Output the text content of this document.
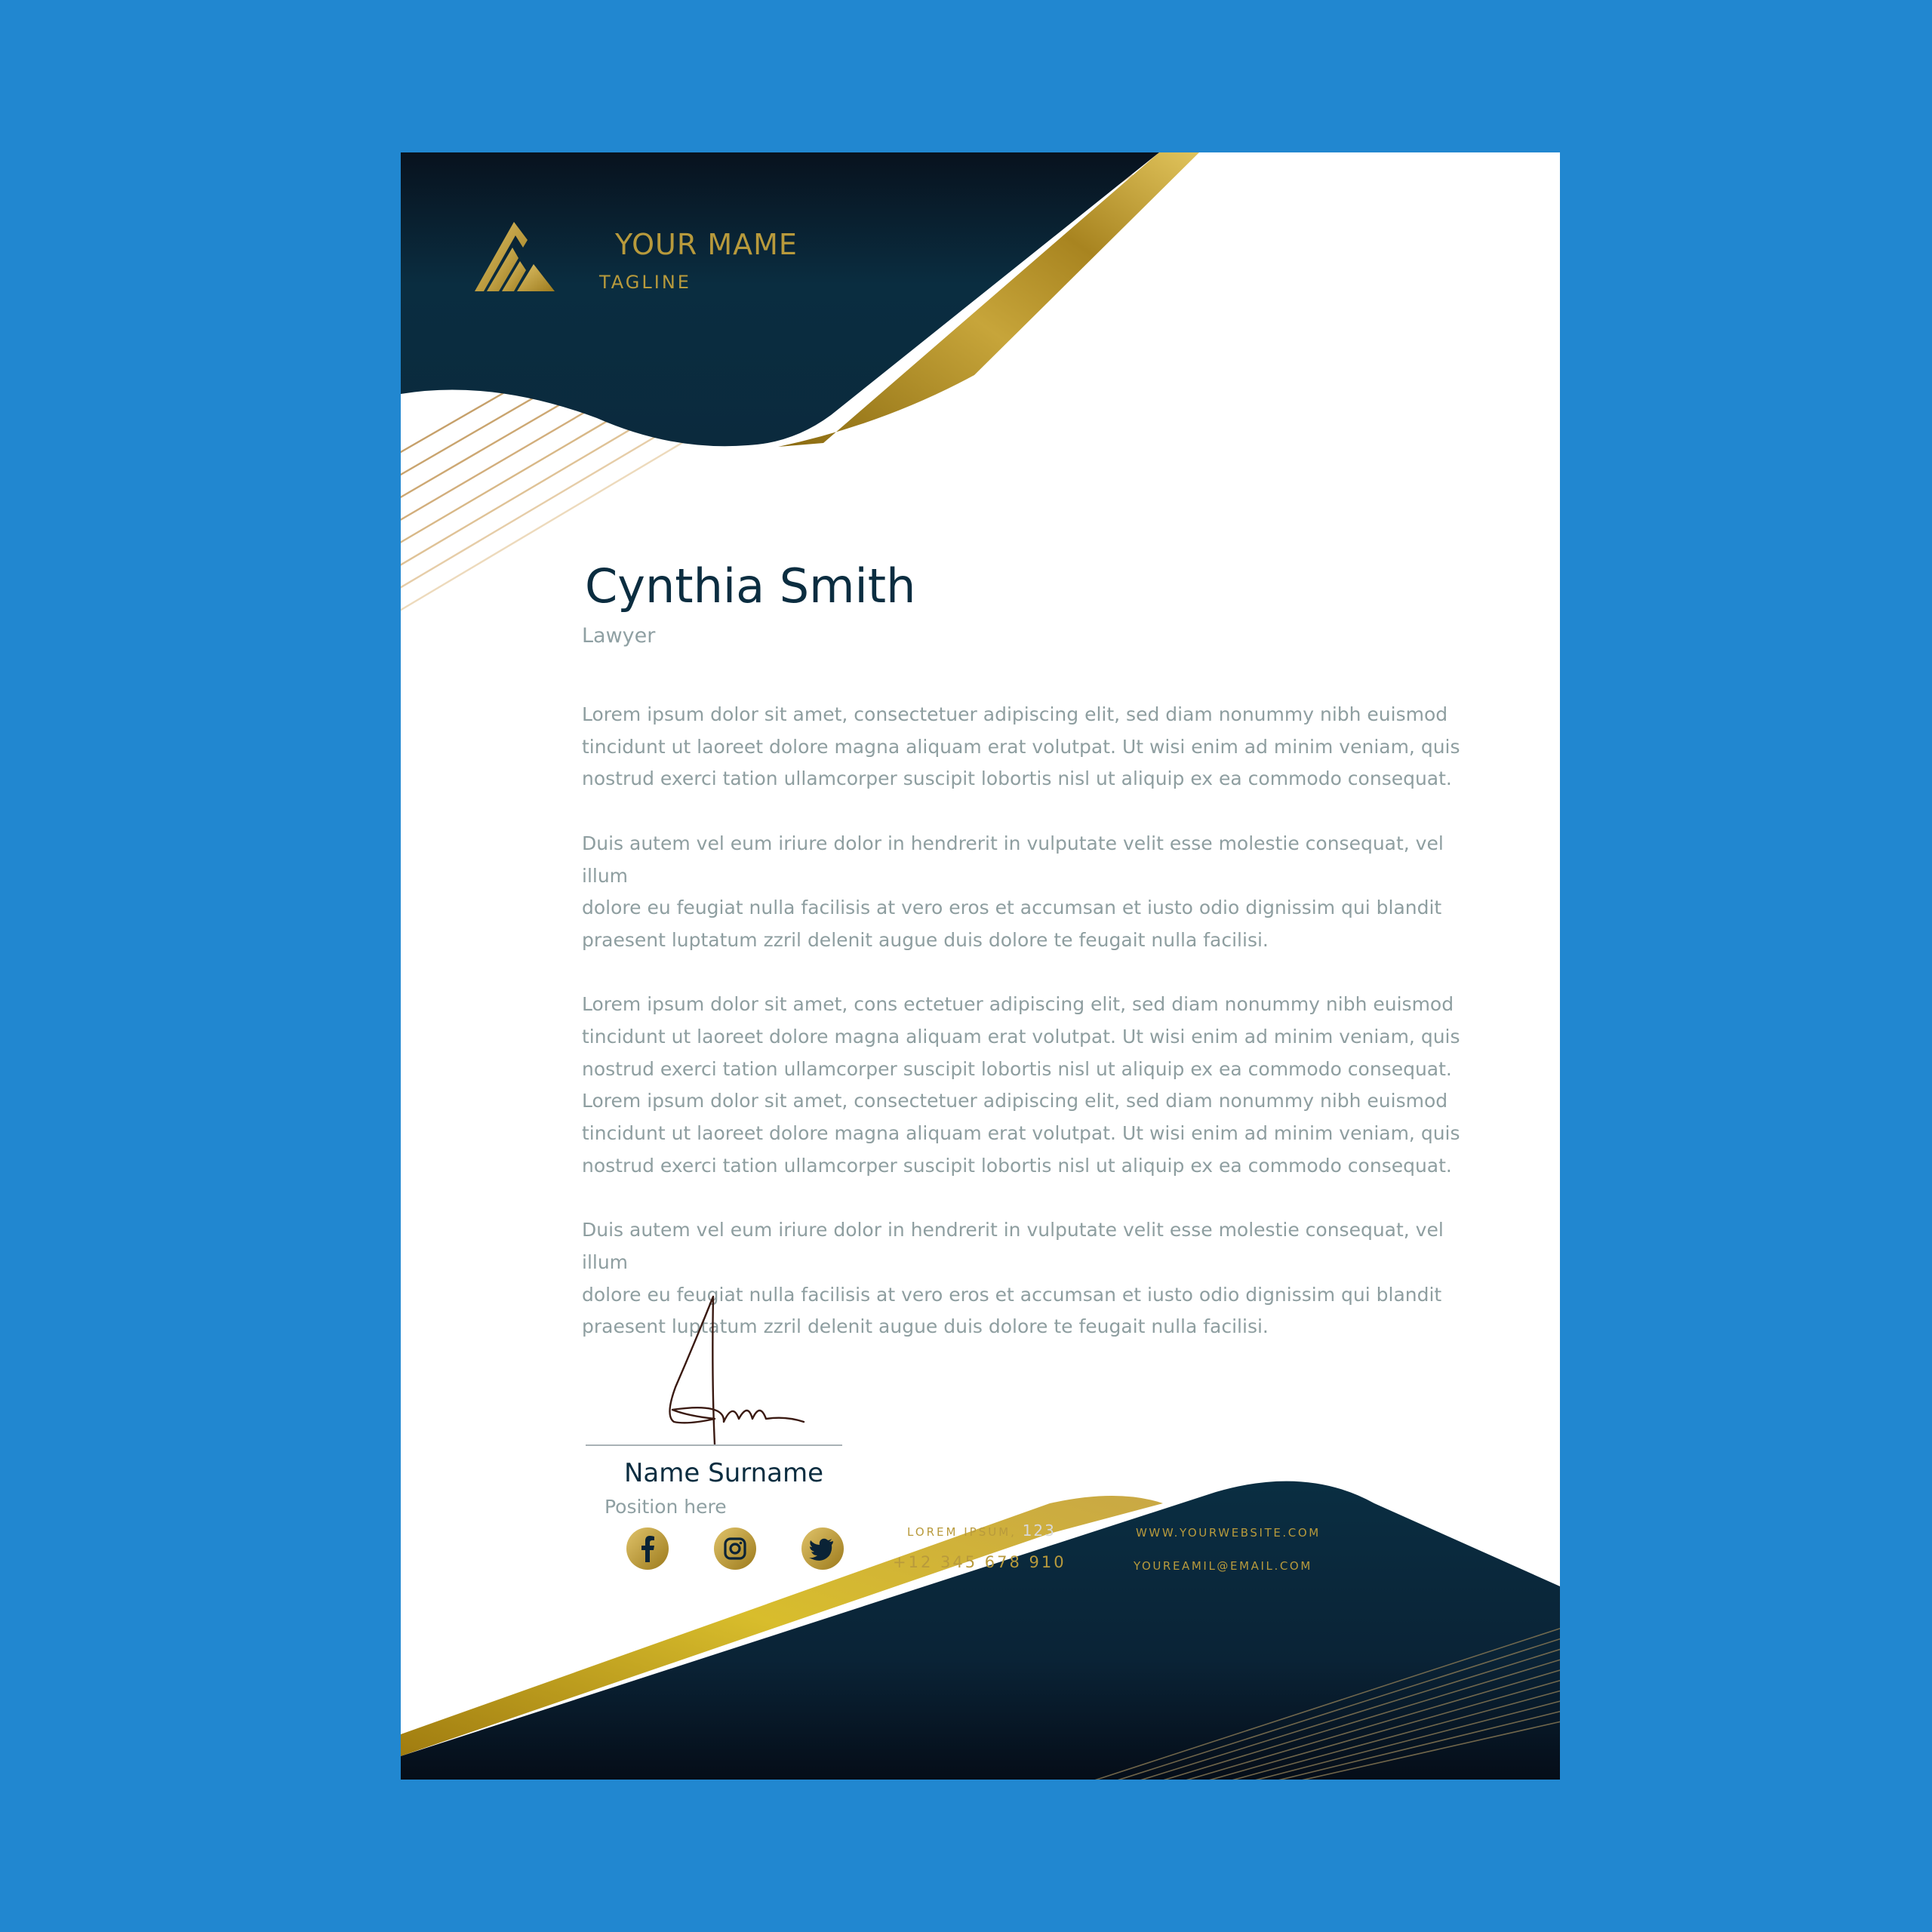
YOUR MAME
TAGLINE
Cynthia Smith
Lawyer

Lorem ipsum dolor sit amet, consectetuer adipiscing elit, sed diam nonummy nibh euismod
tincidunt ut laoreet dolore magna aliquam erat volutpat. Ut wisi enim ad minim veniam, quis
nostrud exerci tation ullamcorper suscipit lobortis nisl ut aliquip ex ea commodo consequat.

Duis autem vel eum iriure dolor in hendrerit in vulputate velit esse molestie consequat, vel illum
dolore eu feugiat nulla facilisis at vero eros et accumsan et iusto odio dignissim qui blandit
praesent luptatum zzril delenit augue duis dolore te feugait nulla facilisi.

Lorem ipsum dolor sit amet, cons ectetuer adipiscing elit, sed diam nonummy nibh euismod
tincidunt ut laoreet dolore magna aliquam erat volutpat. Ut wisi enim ad minim veniam, quis
nostrud exerci tation ullamcorper suscipit lobortis nisl ut aliquip ex ea commodo consequat.
Lorem ipsum dolor sit amet, consectetuer adipiscing elit, sed diam nonummy nibh euismod
tincidunt ut laoreet dolore magna aliquam erat volutpat. Ut wisi enim ad minim veniam, quis
nostrud exerci tation ullamcorper suscipit lobortis nisl ut aliquip ex ea commodo consequat.

Duis autem vel eum iriure dolor in hendrerit in vulputate velit esse molestie consequat, vel illum
dolore eu feugiat nulla facilisis at vero eros et accumsan et iusto odio dignissim qui blandit
praesent luptatum zzril delenit augue duis dolore te feugait nulla facilisi.

Name Surname
Position here
LOREM IPSUM, 123
+12 345 678 910
WWW.YOURWEBSITE.COM
YOUREAMIL@EMAIL.COM
